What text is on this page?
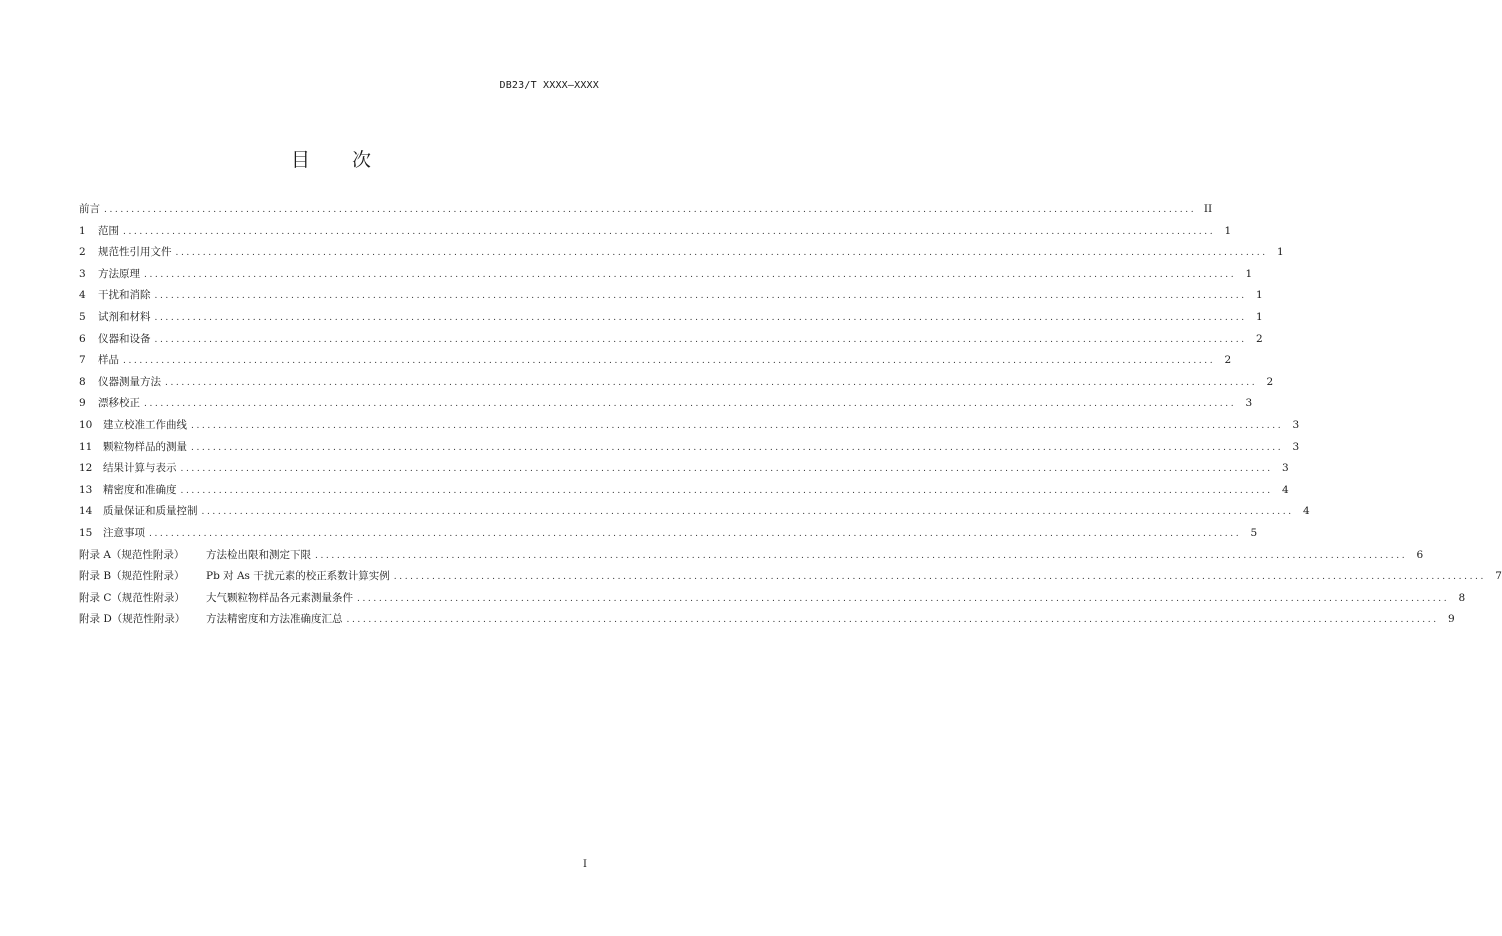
DB23/T XXXX—XXXX
目 次
前言 ........................................................................................................................................................................................................ II
1 范围 ........................................................................................................................................................................................................ 1
2 规范性引用文件 ........................................................................................................................................................................................................ 1
3 方法原理 ........................................................................................................................................................................................................ 1
4 干扰和消除 ........................................................................................................................................................................................................ 1
5 试剂和材料 ........................................................................................................................................................................................................ 1
6 仪器和设备 ........................................................................................................................................................................................................ 2
7 样品 ........................................................................................................................................................................................................ 2
8 仪器测量方法 ........................................................................................................................................................................................................ 2
9 漂移校正 ........................................................................................................................................................................................................ 3
10 建立校准工作曲线 ........................................................................................................................................................................................................ 3
11 颗粒物样品的测量 ........................................................................................................................................................................................................ 3
12 结果计算与表示 ........................................................................................................................................................................................................ 3
13 精密度和准确度 ........................................................................................................................................................................................................ 4
14 质量保证和质量控制 ........................................................................................................................................................................................................ 4
15 注意事项 ........................................................................................................................................................................................................ 5
附录 A（规范性附录） 方法检出限和测定下限 ........................................................................................................................................................................................................ 6
附录 B（规范性附录） Pb 对 As 干扰元素的校正系数计算实例 ........................................................................................................................................................................................................ 7
附录 C（规范性附录） 大气颗粒物样品各元素测量条件 ........................................................................................................................................................................................................ 8
附录 D（规范性附录） 方法精密度和方法准确度汇总 ........................................................................................................................................................................................................ 9
I
